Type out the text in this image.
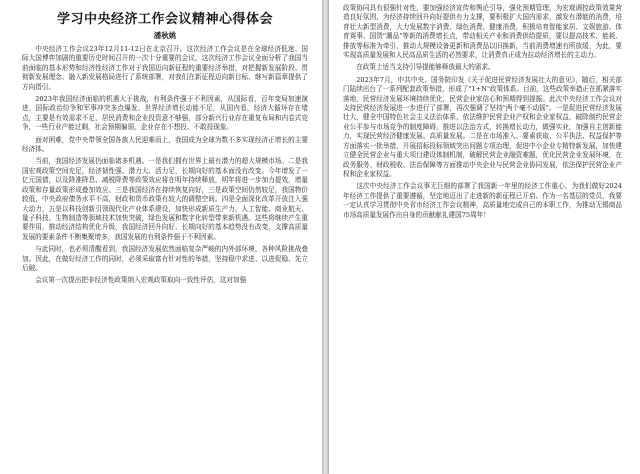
学习中央经济工作会议精神心得体会
潘秋姚

中央经济工作会议23年12月11-12日在北京召开。这次经济工作会议是在全球经济低迷、国际大国博弈加剧的重要历史时间召开的一次十分重要的会议，这次经济工作会议全面分析了我国当前面临的基本形势和经济性经济工作对于我国迈向新征程的重要经济举措，对把握新发展阶段、贯彻新发展理念、融入新发展格局进行了系统部署，对我们在新征程迈向新目标、继写新篇章提供了方向指引。

2023年我国经济面临的机遇大于挑战，有利条件强于不利因素，从国际看，百年变局加速演进，国际政治纷争和军事冲突多点爆发，世界经济增长动能不足，从国内看，经济大循环存在堵点，主要是有效需求不足，居民消费和企业投资意不够强，部分新兴行业存在重复布局和内卷式竞争，一些行业产能过剩，社会预期偏弱，企业存在不想投、不敢投现象。

面对困难，党中央带领全国各族人民迎难而上，我国成为全球为数不多实现经济正增长的主要经济体。

当前，我国经济发展仍面临诸多机遇。一是我们拥有世界上最有潜力的超大规模市场。二是我国宏观政策空间充足，经济韧性强、潜力大、活力足，长期向好的基本面没有改变。今年增发了一亿元国债，以及降准降息、减税降费等政策效应将在明年持续释放，明年将进一步加力提效，增量政策和存量政策形成叠加效应。三是我国经济在持续恢复向好，三是政策空间仍然较足，我国物价较低，中央政府债务水平不高，财政和货币政策有较大的调整空间。四是全面深化改革开放注入强大动力，五是以科技创新引领现代化产业体系建设，加快形成新质生产力，人工智能、商业航天、量子科技、生物制造等领域技术加快突破，绿色发展和数字化转型带来新机遇。这些将继续产生重要作用，推动经济结构优化升级，我国经济回升向好、长期向好的基本趋势没有改变，支撑高质量发展的要素条件不断集聚增多，我国发展的有利条件强于不利因素。

与此同时，也必须清醒看到，我国经济发展依然面临复杂严峻的内外部环境，各种风险挑战叠加。因此，在做好经济工作的同时，必须采取富有针对性的举措，坚持稳中求进、以进促稳、先立后破。

会议第一次提出把非经济性政策纳入宏观政策取向一致性评估，这对加强

政策协同具有很强针对性，要加强经济宣传和舆论引导，强化预期管理，为宏观调控政策效果营造良好氛围，为经济持续回升向好提供有力支撑，要积极扩大国内需求，激发有潜能的消费，培育壮大新型消费，大力发展数字消费、绿色消费、健康消费，积极培育智能家居、文娱旅游、体育赛事、国货"潮品"等新的消费增长点，带动相关产业和消费供给提质，要以提高技术、能耗、排放等标准为牵引，推动大规模设备更新和消费品以旧换新，当前消费增速有所放缓，为此，要实现高质量发展和人民高品质生活的必然要求，让消费真正成为拉动经济增长的主动力。

在政策上适当支持引导提能够释放最大的需求。

2023年7月，中共中央、国务院印发《关于促进民营经济发展壮大的意见》，随后，相关部门陆续出台了一系列配套政策举措，形成了"1+N"政策体系。目前，这些政策举措正在抓紧落实落地，民营经济发展环境持续优化，民营企业家信心和预期得到提振。此次中央经济工作会议对支持民营经济发展进一步进行了部署，再次强调了坚持"两个毫不动摇"。一是促进民营经济发展壮大，健全中国特色社会主义法治体系，依法维护民营企业产权和企业家权益，破除制约民营企业公平参与市场竞争的制度障碍，推进以法治方式，转换增长动力，做强实业，加强自主创新能力，实现民营经济健康发展、高质量发展。二是在市场准入、要素获取、公平执法、权益保护等方面落实一批举措，开展招标投标领域突出问题专项治理，促进中小企业专精特新发展，加快建立健全民营企业与重大项目建设体制机制，破解民营企业融资难题，优化民营企业发展环境，在政务服务、财政税收、法治保障等方面推动中央企业与民营企业协同发展，依法保护民营企业产权和企业家权益。

这次中央经济工作会议事无巨细的部署了我国新一年里的经济工作重心，为我们做好2024年经济工作提供了重要遵循，坚定地迈出了走进新的新征程已开启。作为一名基层的党员，我要一定认真学习贯彻中央省市经济工作会议精神，高质量地完成自己的本职工作，为推动无锡商品市场高质量发展作出自身的贡献献礼建国75周年！
